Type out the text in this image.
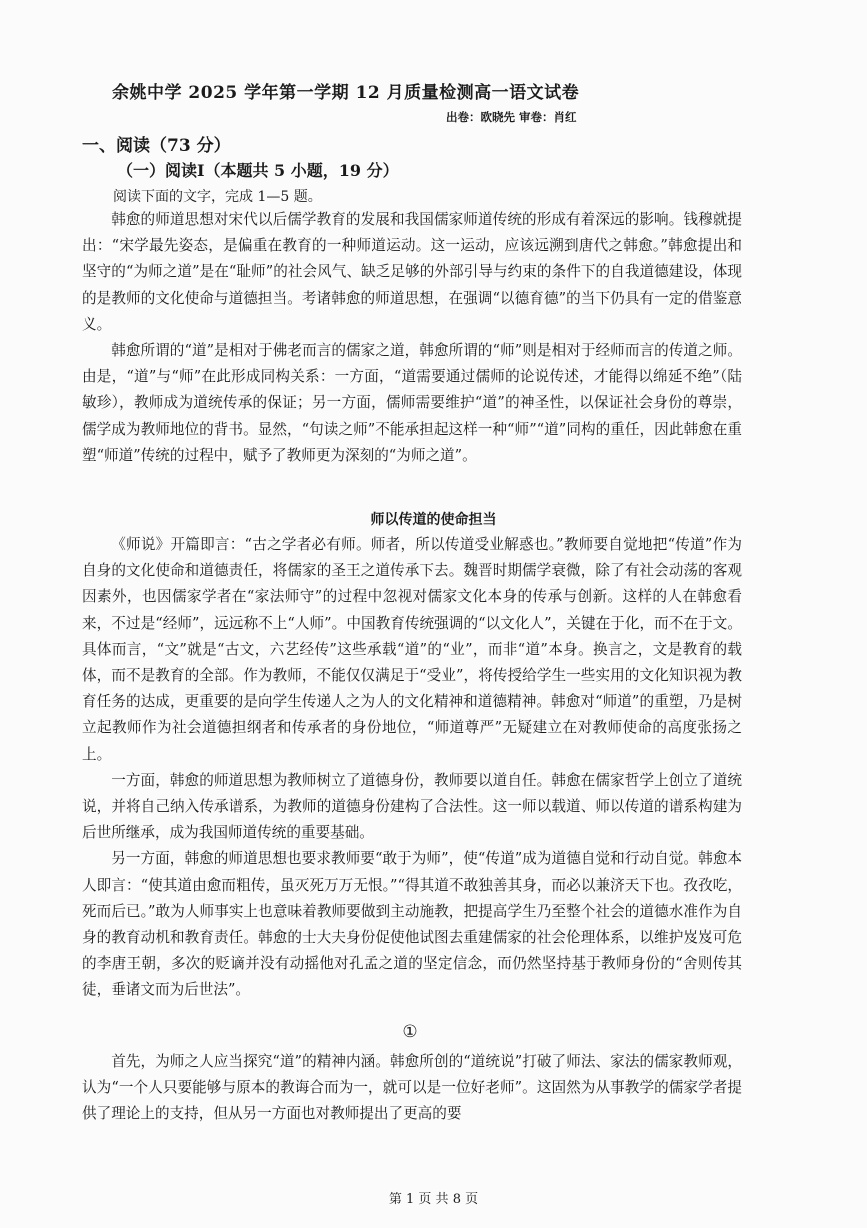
余姚中学 2025 学年第一学期 12 月质量检测高一语文试卷
出卷：欧晓先 审卷：肖红
一、阅读（73 分）
（一）阅读Ⅰ（本题共 5 小题，19 分）
阅读下面的文字，完成 1—5 题。

韩愈的师道思想对宋代以后儒学教育的发展和我国儒家师道传统的形成有着深远的影响。钱穆就提出：“宋学最先姿态，是偏重在教育的一种师道运动。这一运动，应该远溯到唐代之韩愈。”韩愈提出和坚守的“为师之道”是在“耻师”的社会风气、缺乏足够的外部引导与约束的条件下的自我道德建设，体现的是教师的文化使命与道德担当。考诸韩愈的师道思想，在强调“以德育德”的当下仍具有一定的借鉴意义。

韩愈所谓的“道”是相对于佛老而言的儒家之道，韩愈所谓的“师”则是相对于经师而言的传道之师。由是，“道”与“师”在此形成同构关系：一方面，“道需要通过儒师的论说传述，才能得以绵延不绝”（陆敏珍），教师成为道统传承的保证；另一方面，儒师需要维护“道”的神圣性，以保证社会身份的尊崇，儒学成为教师地位的背书。显然，“句读之师”不能承担起这样一种“师”“道”同构的重任，因此韩愈在重塑“师道”传统的过程中，赋予了教师更为深刻的“为师之道”。

师以传道的使命担当

《师说》开篇即言：“古之学者必有师。师者，所以传道受业解惑也。”教师要自觉地把“传道”作为自身的文化使命和道德责任，将儒家的圣王之道传承下去。魏晋时期儒学衰微，除了有社会动荡的客观因素外，也因儒家学者在“家法师守”的过程中忽视对儒家文化本身的传承与创新。这样的人在韩愈看来，不过是“经师”，远远称不上“人师”。中国教育传统强调的“以文化人”，关键在于化，而不在于文。具体而言，“文”就是“古文，六艺经传”这些承载“道”的“业”，而非“道”本身。换言之，文是教育的载体，而不是教育的全部。作为教师，不能仅仅满足于“受业”，将传授给学生一些实用的文化知识视为教育任务的达成，更重要的是向学生传递人之为人的文化精神和道德精神。韩愈对“师道”的重塑，乃是树立起教师作为社会道德担纲者和传承者的身份地位，“师道尊严”无疑建立在对教师使命的高度张扬之上。

一方面，韩愈的师道思想为教师树立了道德身份，教师要以道自任。韩愈在儒家哲学上创立了道统说，并将自己纳入传承谱系，为教师的道德身份建构了合法性。这一师以载道、师以传道的谱系构建为后世所继承，成为我国师道传统的重要基础。

另一方面，韩愈的师道思想也要求教师要“敢于为师”，使“传道”成为道德自觉和行动自觉。韩愈本人即言：“使其道由愈而粗传，虽灭死万万无恨。”“得其道不敢独善其身，而必以兼济天下也。孜孜吃，死而后已。”敢为人师事实上也意味着教师要做到主动施教，把提高学生乃至整个社会的道德水准作为自身的教育动机和教育责任。韩愈的士大夫身份促使他试图去重建儒家的社会伦理体系，以维护岌岌可危的李唐王朝，多次的贬谪并没有动摇他对孔孟之道的坚定信念，而仍然坚持基于教师身份的“舍则传其徒，垂诸文而为后世法”。

①

首先，为师之人应当探究“道”的精神内涵。韩愈所创的“道统说”打破了师法、家法的儒家教师观，认为“一个人只要能够与原本的教诲合而为一，就可以是一位好老师”。这固然为从事教学的儒家学者提供了理论上的支持，但从另一方面也对教师提出了更高的要

第 1 页 共 8 页
